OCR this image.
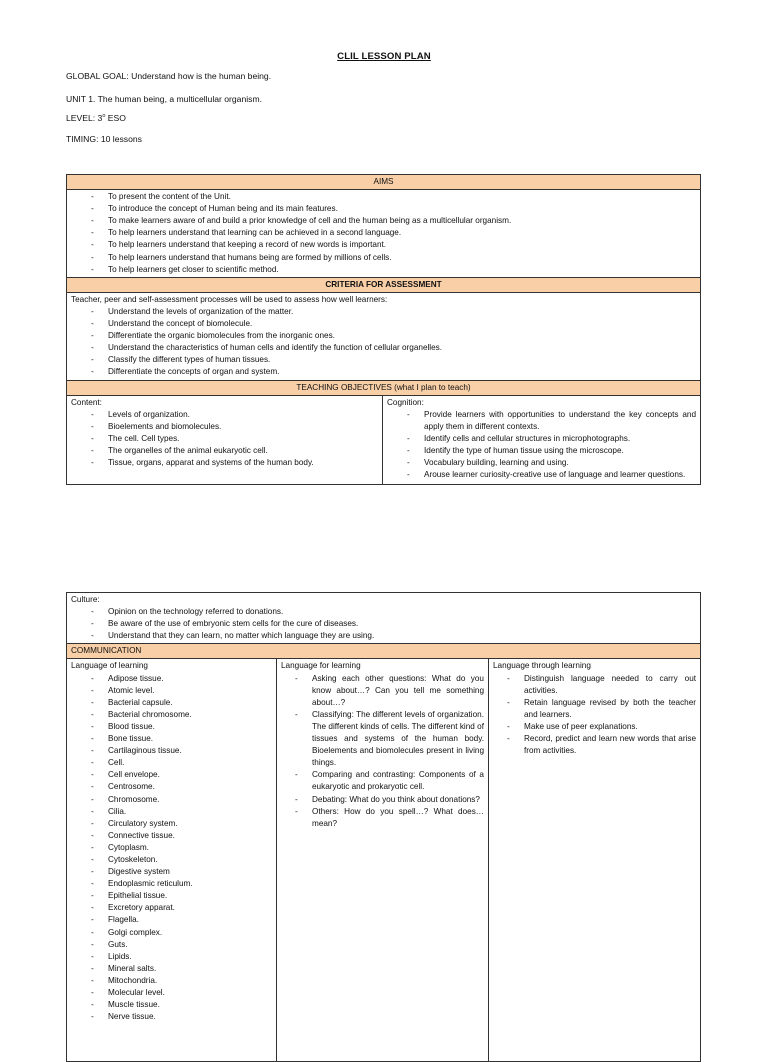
CLIL LESSON PLAN
GLOBAL GOAL: Understand how is the human being.
UNIT 1. The human being, a multicellular organism.
LEVEL: 3$^o$ ESO
TIMING: 10 lessons
AIMS

- To present the content of the Unit.
- To introduce the concept of Human being and its main features.
- To make learners aware of and build a prior knowledge of cell and the human being as a multicellular organism.
- To help learners understand that learning can be achieved in a second language.
- To help learners understand that keeping a record of new words is important.
- To help learners understand that humans being are formed by millions of cells.
- To help learners get closer to scientific method.

CRITERIA FOR ASSESSMENT

Teacher, peer and self-assessment processes will be used to assess how well learners:
- Understand the levels of organization of the matter.
- Understand the concept of biomolecule.
- Differentiate the organic biomolecules from the inorganic ones.
- Understand the characteristics of human cells and identify the function of cellular organelles.
- Classify the different types of human tissues.
- Differentiate the concepts of organ and system.

TEACHING OBJECTIVES (what I plan to teach)

Content:
- Levels of organization.
- Bioelements and biomolecules.
- The cell. Cell types.
- The organelles of the animal eukaryotic cell.
- Tissue, organs, apparat and systems of the human body.

Cognition:
- Provide learners with opportunities to understand the key concepts and apply them in different contexts.
- Identify cells and cellular structures in microphotographs.
- Identify the type of human tissue using the microscope.
- Vocabulary building, learning and using.
- Arouse learner curiosity-creative use of language and learner questions.
Culture:
- Opinion on the technology referred to donations.
- Be aware of the use of embryonic stem cells for the cure of diseases.
- Understand that they can learn, no matter which language they are using.

COMMUNICATION

Language of learning
- Adipose tissue.
- Atomic level.
- Bacterial capsule.
- Bacterial chromosome.
- Blood tissue.
- Bone tissue.
- Cartilaginous tissue.
- Cell.
- Cell envelope.
- Centrosome.
- Chromosome.
- Cilia.
- Circulatory system.
- Connective tissue.
- Cytoplasm.
- Cytoskeleton.
- Digestive system
- Endoplasmic reticulum.
- Epithelial tissue.
- Excretory apparat.
- Flagella.
- Golgi complex.
- Guts.
- Lipids.
- Mineral salts.
- Mitochondria.
- Molecular level.
- Muscle tissue.
- Nerve tissue.

Language for learning
- Asking each other questions: What do you know about…? Can you tell me something about…?
- Classifying: The different levels of organization. The different kinds of cells. The different kind of tissues and systems of the human body. Bioelements and biomolecules present in living things.
- Comparing and contrasting: Components of a eukaryotic and prokaryotic cell.
- Debating: What do you think about donations?
- Others: How do you spell…? What does… mean?

Language through learning
- Distinguish language needed to carry out activities.
- Retain language revised by both the teacher and learners.
- Make use of peer explanations.
- Record, predict and learn new words that arise from activities.
